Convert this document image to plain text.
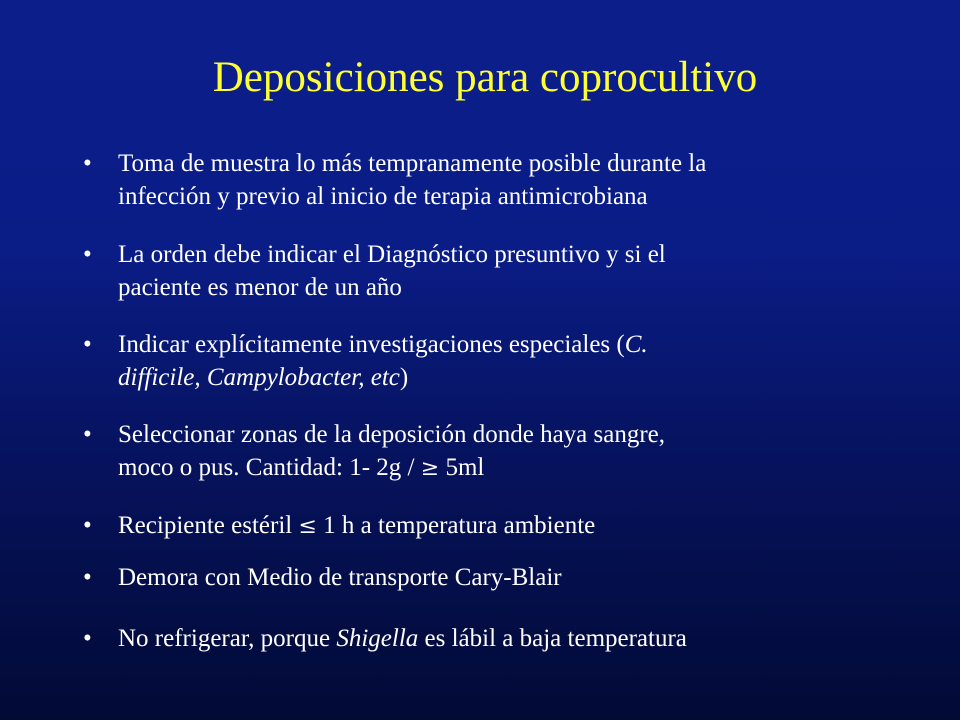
Deposiciones para coprocultivo
•	Toma de muestra lo más tempranamente posible durante la
infección y previo al inicio de terapia antimicrobiana
•	La orden debe indicar el Diagnóstico presuntivo y si el
paciente es menor de un año
•	Indicar explícitamente investigaciones especiales (C.
difficile, Campylobacter, etc)
•	Seleccionar zonas de la deposición donde haya sangre,
moco o pus. Cantidad: 1- 2g / ≥ 5ml
•	Recipiente estéril ≤ 1 h a temperatura ambiente
•	Demora con Medio de transporte Cary-Blair
•	No refrigerar, porque Shigella es lábil a baja temperatura
